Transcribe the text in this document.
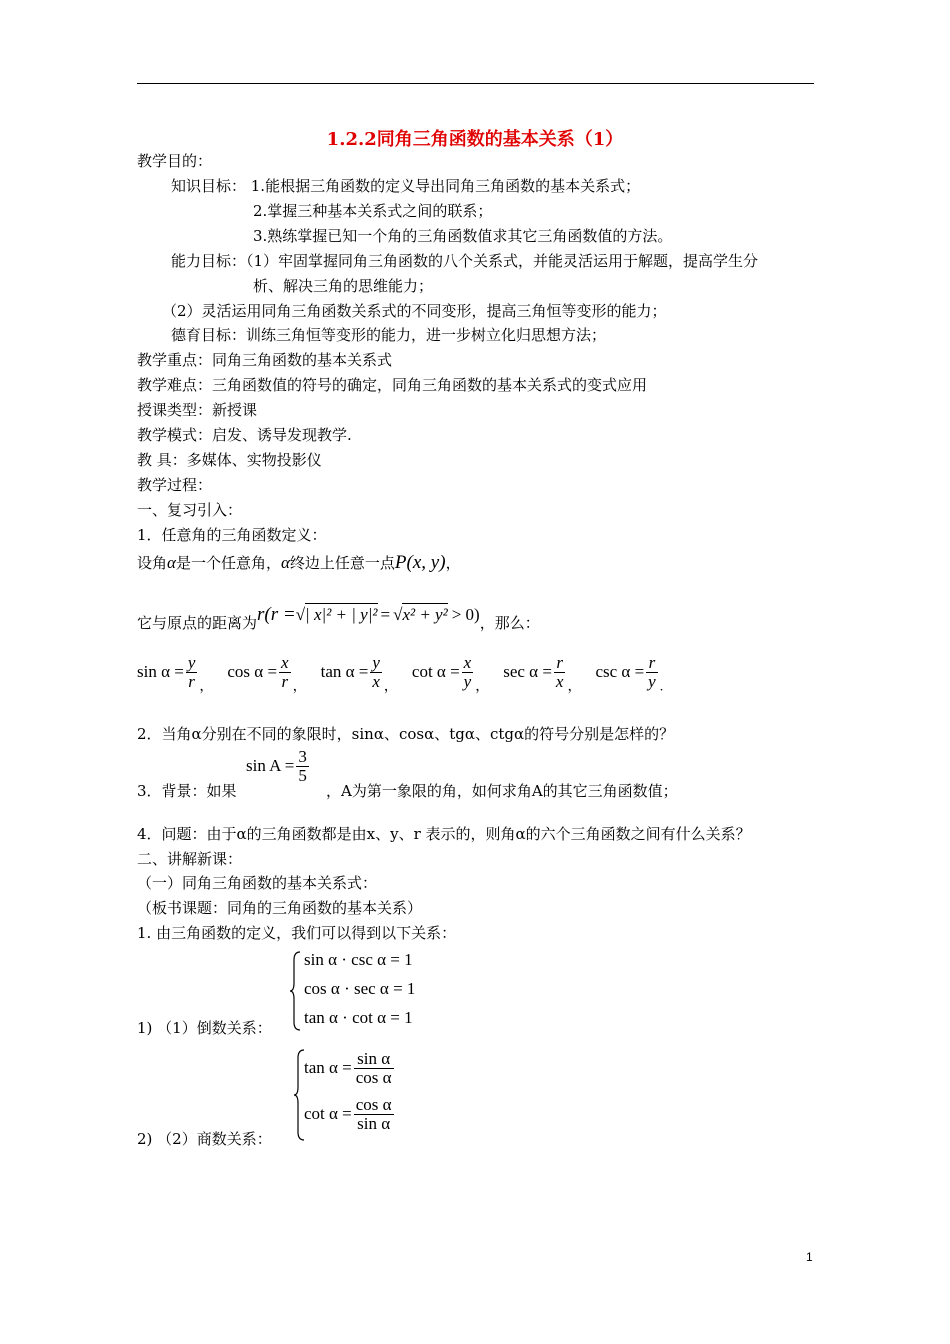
1.2.2同角三角函数的基本关系（1）
教学目的：
知识目标： 1.能根据三角函数的定义导出同角三角函数的基本关系式；
2.掌握三种基本关系式之间的联系；
3.熟练掌握已知一个角的三角函数值求其它三角函数值的方法。
能力目标：（1）牢固掌握同角三角函数的八个关系式，并能灵活运用于解题，提高学生分
析、解决三角的思维能力；
（2）灵活运用同角三角函数关系式的不同变形，提高三角恒等变形的能力；
德育目标：训练三角恒等变形的能力，进一步树立化归思想方法；
教学重点：同角三角函数的基本关系式
教学难点：三角函数值的符号的确定，同角三角函数的基本关系式的变式应用
授课类型：新授课
教学模式：启发、诱导发现教学.
教 具：多媒体、实物投影仪
教学过程：
一、复习引入：
1．任意角的三角函数定义：
设角α是一个任意角，α终边上任意一点P(x, y)，
它与原点的距离为r(r =√| x|² + | y|² = √x² + y² > 0)，那么：
$\sin \alpha = \frac{y}{r} _,\cos$ $\alpha = \frac{x}{r} _,\tan$ $\alpha = \frac{y}{x} _,\cot$ $\alpha = \frac{x}{y} _,\sec$ $\alpha = \frac{r}{x} _,\csc$ $\alpha = \frac{r}{y} _.$
2．当角α分别在不同的象限时，sinα、cosα、tgα、ctgα的符号分别是怎样的？
3．背景：如果
$\sin A = \frac{3}{5}$
，A为第一象限的角，如何求角A的其它三角函数值；
4．问题：由于α的三角函数都是由x、y、r 表示的，则角α的六个三角函数之间有什么关系？
二、讲解新课：
（一）同角三角函数的基本关系式：
（板书课题：同角的三角函数的基本关系）
1. 由三角函数的定义，我们可以得到以下关系：
sin α · csc α = 1
cos α · sec α = 1
tan α · cot α = 1
1) （1）倒数关系：
$\tan \alpha = \frac{\text{sin α}}{\text{cos α}}$
$\cot \alpha = \frac{\text{cos α}}{\text{sin α}}$
2) （2）商数关系：
1
